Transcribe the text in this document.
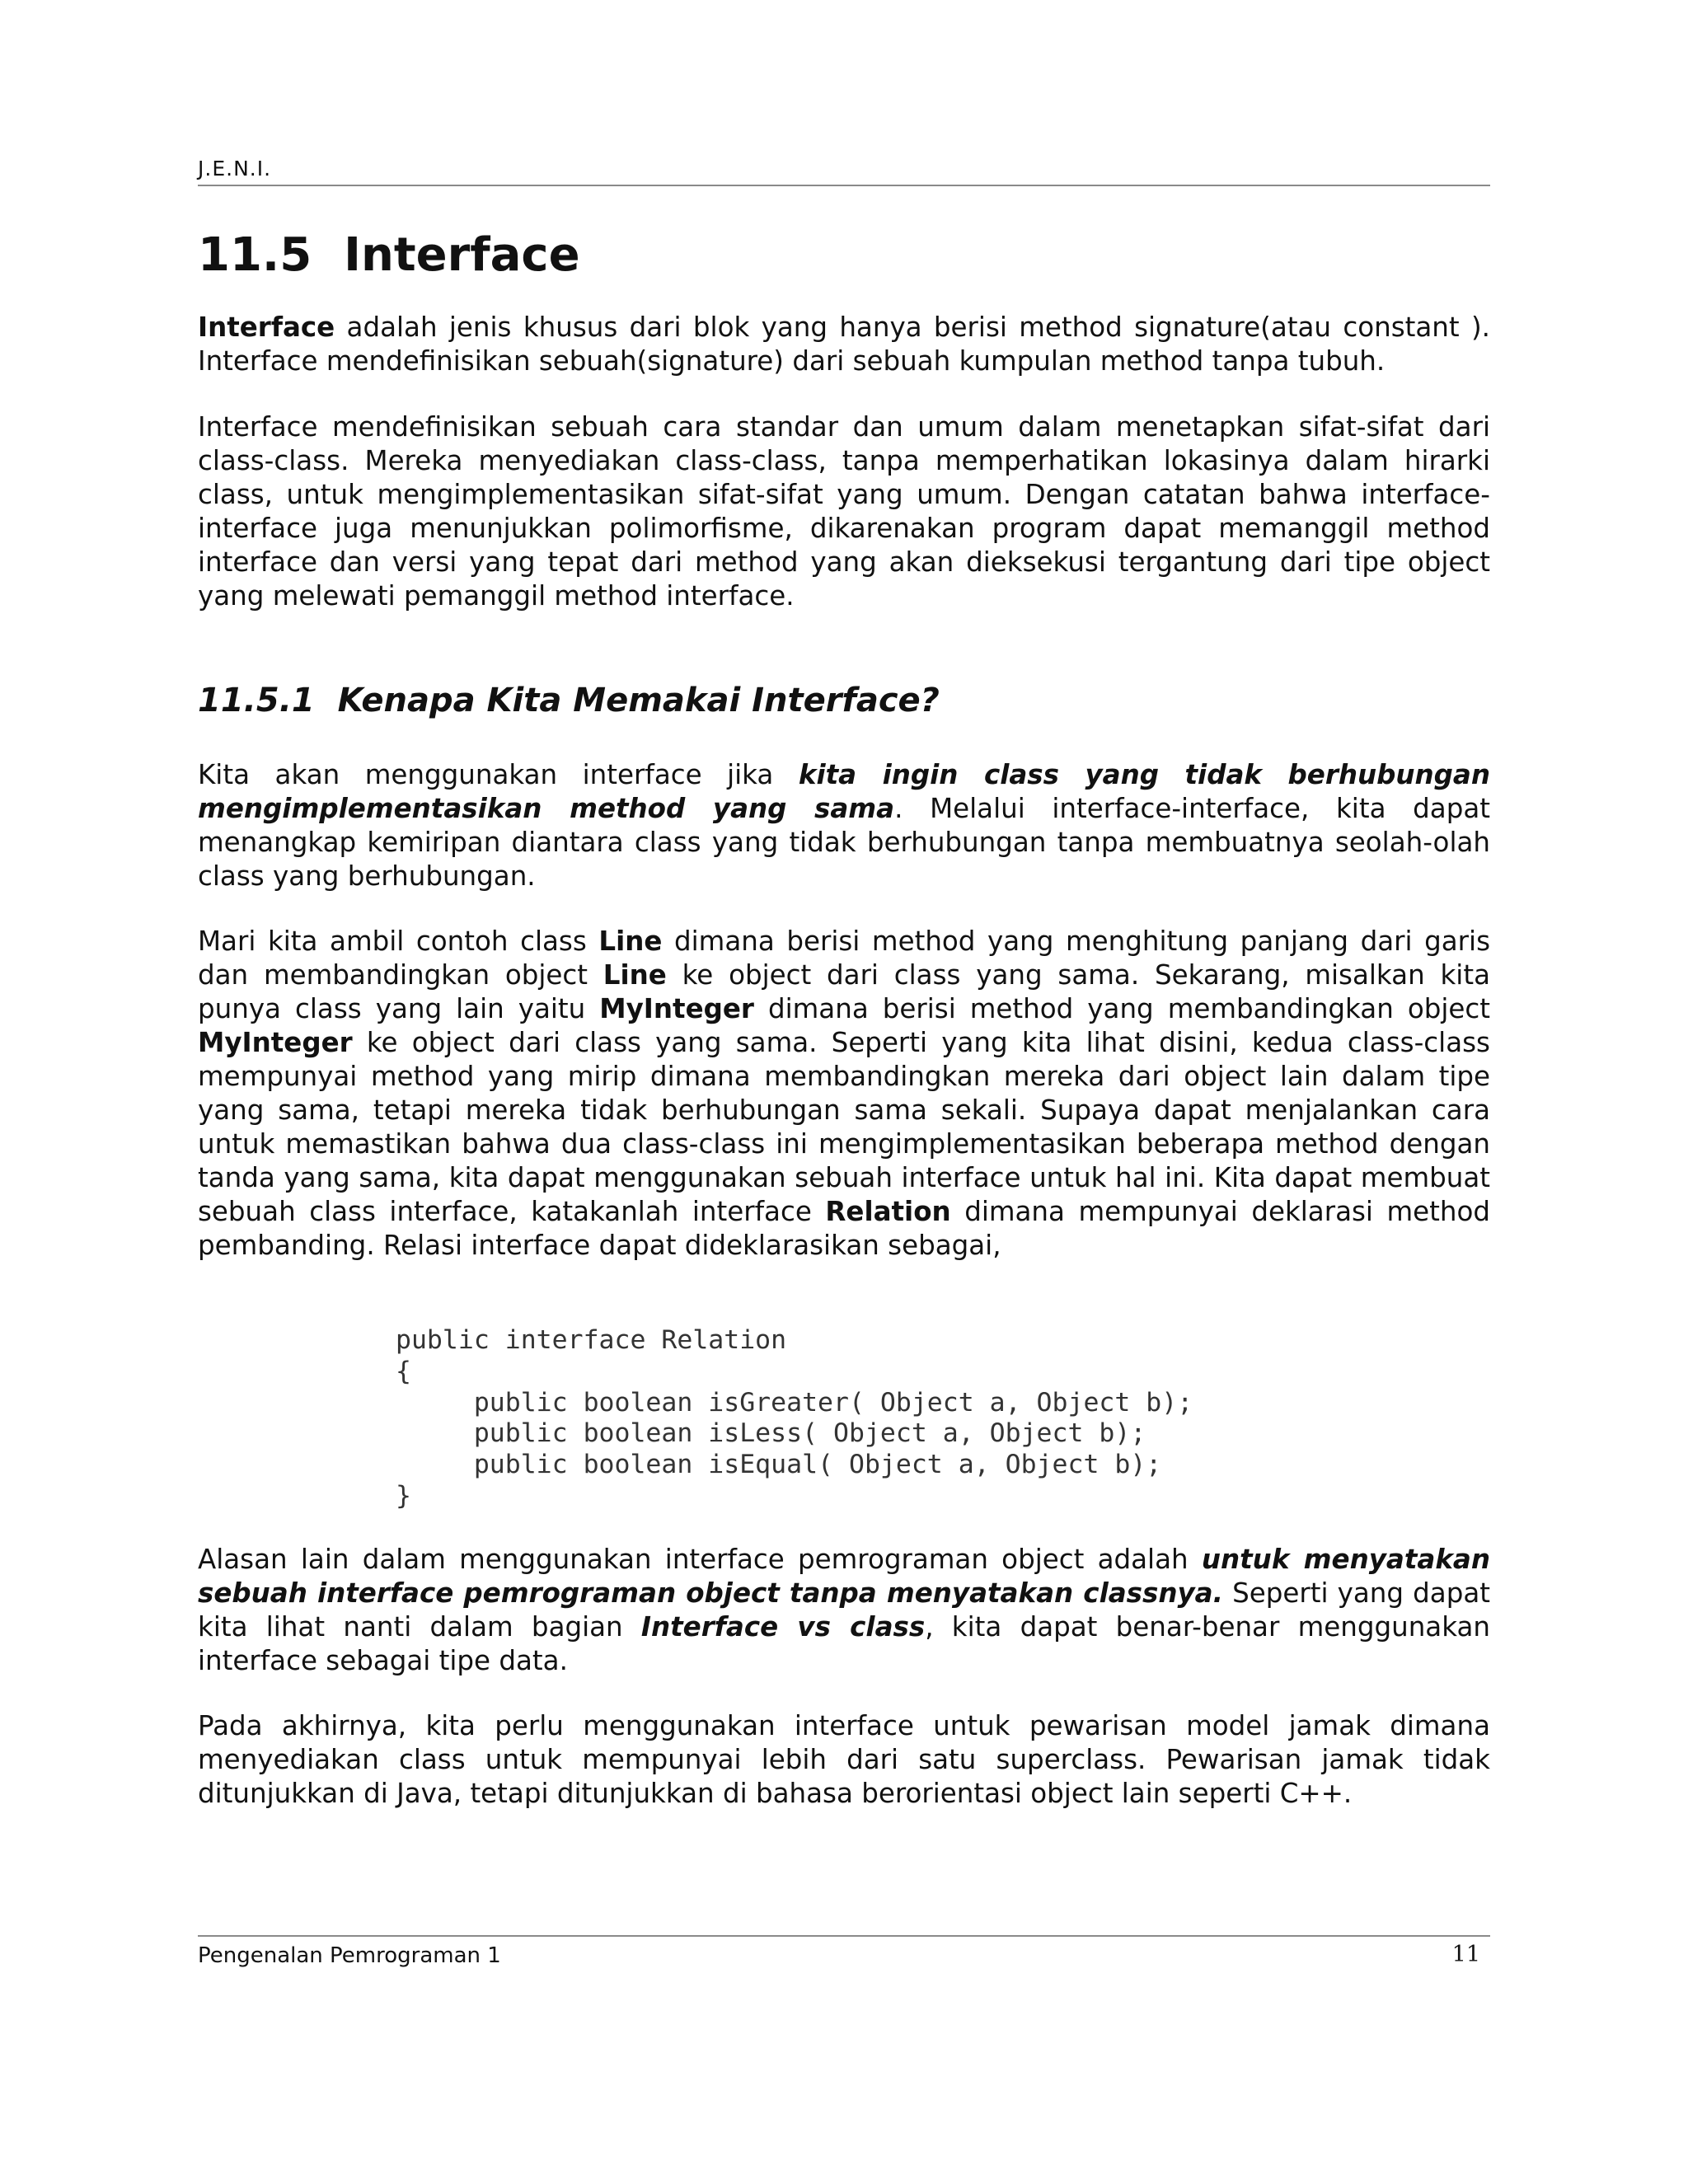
J.E.N.I.
11.5  Interface

Interface adalah jenis khusus dari blok yang hanya berisi method signature(atau constant ). Interface mendefinisikan sebuah(signature) dari sebuah kumpulan method tanpa tubuh.

Interface mendefinisikan sebuah cara standar dan umum dalam menetapkan sifat-sifat dari class-class. Mereka menyediakan class-class, tanpa memperhatikan lokasinya dalam hirarki class, untuk mengimplementasikan sifat-sifat yang umum. Dengan catatan bahwa interface-interface juga menunjukkan polimorfisme, dikarenakan program dapat memanggil method interface dan versi yang tepat dari method yang akan dieksekusi tergantung dari tipe object yang melewati pemanggil method interface.

11.5.1  Kenapa Kita Memakai Interface?

Kita akan menggunakan interface jika kita ingin class yang tidak berhubungan mengimplementasikan method yang sama. Melalui interface-interface, kita dapat menangkap kemiripan diantara class yang tidak berhubungan tanpa membuatnya seolah-olah class yang berhubungan.

Mari kita ambil contoh class Line dimana berisi method yang menghitung panjang dari garis dan membandingkan object Line ke object dari class yang sama. Sekarang, misalkan kita punya class yang lain yaitu MyInteger dimana berisi method yang membandingkan object MyInteger ke object dari class yang sama. Seperti yang kita lihat disini, kedua class-class mempunyai method yang mirip dimana membandingkan mereka dari object lain dalam tipe yang sama, tetapi mereka tidak berhubungan sama sekali. Supaya dapat menjalankan cara untuk memastikan bahwa dua class-class ini mengimplementasikan beberapa method dengan tanda yang sama, kita dapat menggunakan sebuah interface untuk hal ini. Kita dapat membuat sebuah class interface, katakanlah interface Relation dimana mempunyai deklarasi method pembanding. Relasi interface dapat dideklarasikan sebagai,

public interface Relation
{
public boolean isGreater( Object a, Object b);
public boolean isLess( Object a, Object b);
public boolean isEqual( Object a, Object b);
}

Alasan lain dalam menggunakan interface pemrograman object adalah untuk menyatakan sebuah interface pemrograman object tanpa menyatakan classnya. Seperti yang dapat kita lihat nanti dalam bagian Interface vs class, kita dapat benar-benar menggunakan interface sebagai tipe data.

Pada akhirnya, kita perlu menggunakan interface untuk pewarisan model jamak dimana menyediakan class untuk mempunyai lebih dari satu superclass. Pewarisan jamak tidak ditunjukkan di Java, tetapi ditunjukkan di bahasa berorientasi object lain seperti C++.

Pengenalan Pemrograman 1	11
